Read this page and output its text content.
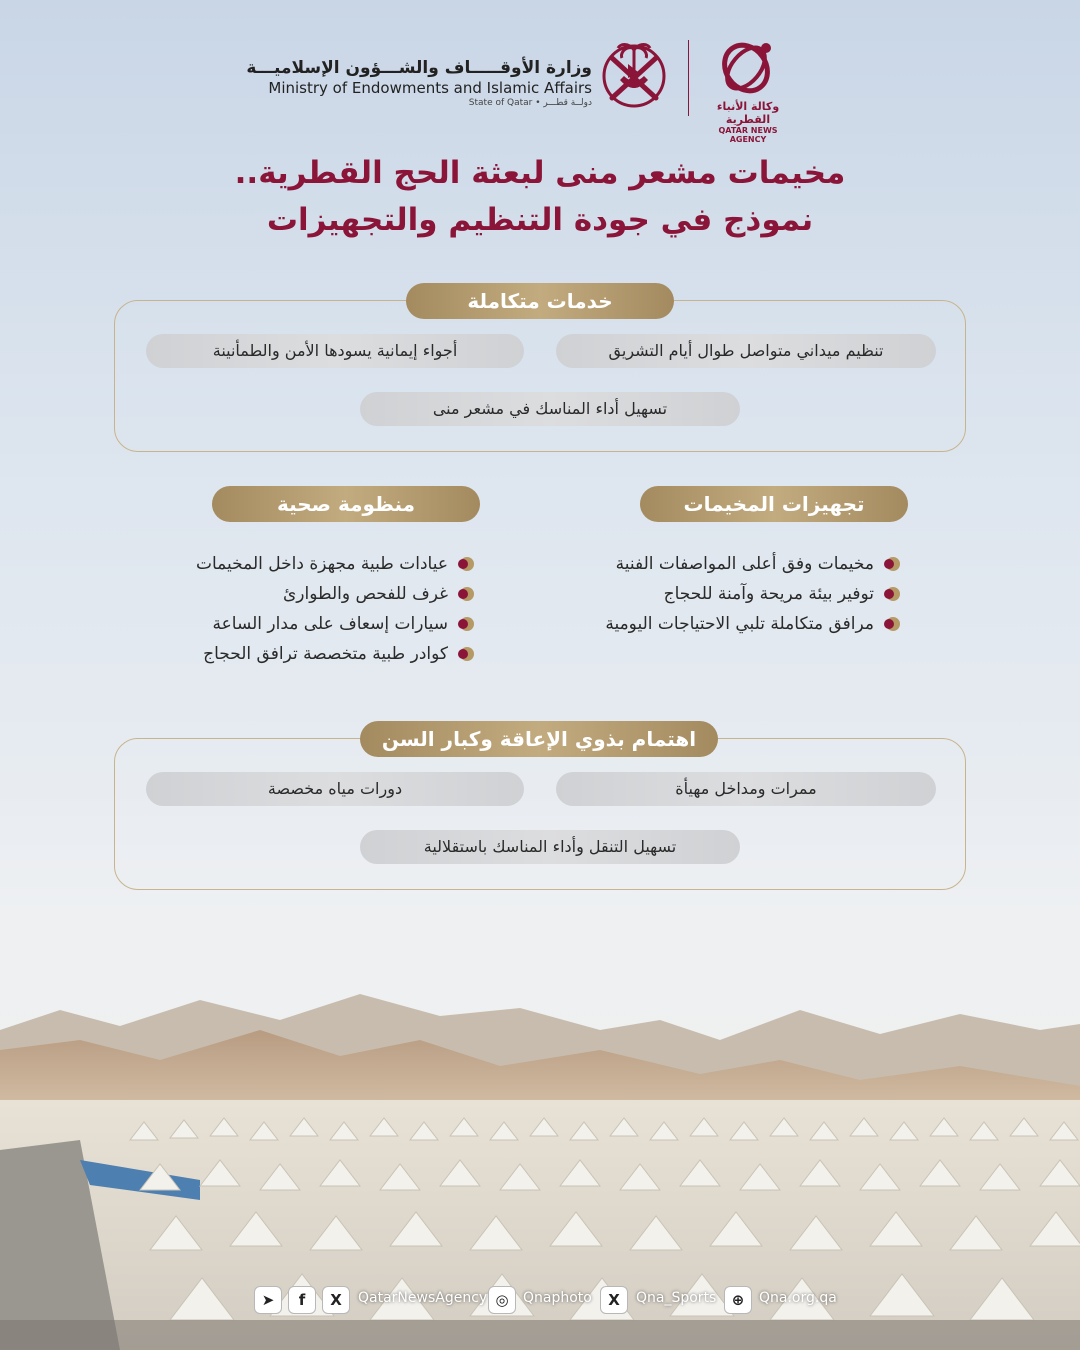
وزارة الأوقـــــاف والشـــؤون الإسلاميـــة
Ministry of Endowments and Islamic Affairs
State of Qatar • دولــة قطـــر	وكالة الأنباء القطرية
QATAR NEWS AGENCY
مخيمات مشعر منى لبعثة الحج القطرية..
نموذج في جودة التنظيم والتجهيزات
خدمات متكاملة
تنظيم ميداني متواصل طوال أيام التشريق
أجواء إيمانية يسودها الأمن والطمأنينة
تسهيل أداء المناسك في مشعر منى
تجهيزات المخيمات
مخيمات وفق أعلى المواصفات الفنية
توفير بيئة مريحة وآمنة للحجاج
مرافق متكاملة تلبي الاحتياجات اليومية
منظومة صحية
عيادات طبية مجهزة داخل المخيمات
غرف للفحص والطوارئ
سيارات إسعاف على مدار الساعة
كوادر طبية متخصصة ترافق الحجاج
اهتمام بذوي الإعاقة وكبار السن
ممرات ومداخل مهيأة
دورات مياه مخصصة
تسهيل التنقل وأداء المناسك باستقلالية
➤	f	X	QatarNewsAgency ◎	Qnaphoto	X	Qna_Sports	⊕	Qna.org.qa
